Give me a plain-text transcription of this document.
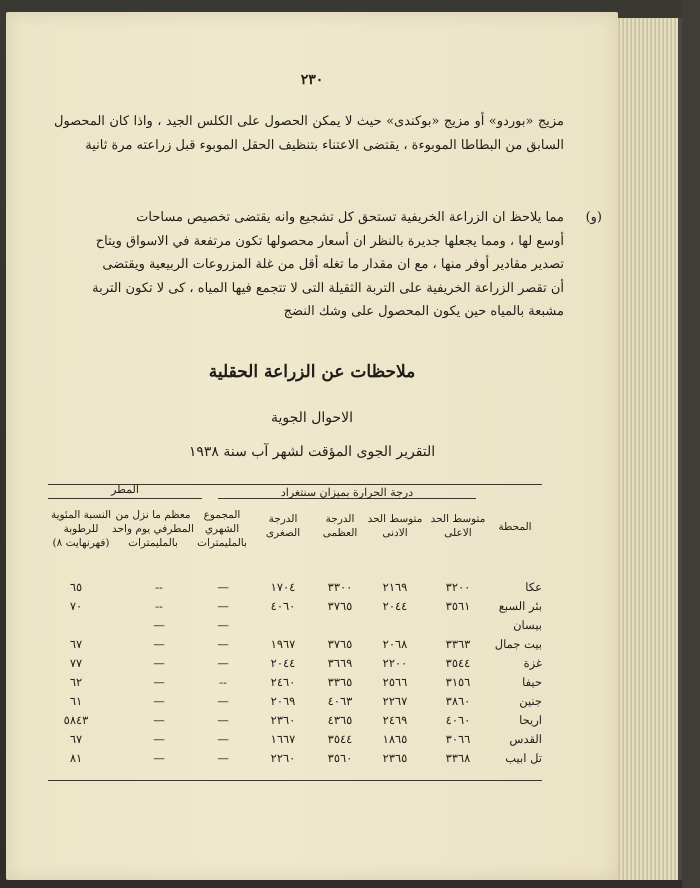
٢٣٠
مزيج «بوردو» أو مزيج «بوكندى» حيث لا يمكن الحصول على الكلس الجيد ، واذا كان المحصول السابق من البطاطا الموبوءة ، يقتضى الاعتناء بتنظيف الحقل الموبوء قبل زراعته مرة ثانية
(و)
مما يلاحظ ان الزراعة الخريفية تستحق كل تشجيع وانه يقتضى تخصيص مساحات
أوسع لها ، ومما يجعلها جديرة بالنظر ان أسعار محصولها تكون مرتفعة في الاسواق ويتاح
تصدير مقادير أوفر منها ، مع ان مقدار ما تغله أقل من غلة المزروعات الربيعية ويقتضى
أن تقصر الزراعة الخريفية على التربة الثقيلة التى لا تتجمع فيها المياه ، كى لا تكون التربة
مشبعة بالمياه حين يكون المحصول على وشك النضج
ملاحظات عن الزراعة الحقلية
الاحوال الجوية
التقرير الجوى المؤقت لشهر آب سنة ١٩٣٨
المطر	درجة الحرارة بميزان سنتغراد
المحطة
متوسط الحد الاعلى
متوسط الحد الادنى
الدرجة العظمى
الدرجة الصغرى
المجموع الشهري بالمليمترات
معظم ما نزل من المطرفي يوم واحد بالمليمترات
النسبة المئوية للرطوبة (فهرنهايت ٨)
عكا
٣٢٠٠
٢١٦٩
٣٣٠٠
١٧٠٤
—
--
٦٥
بئر السبع
٣٥٦١
٢٠٤٤
٣٧٦٥
٤٠٦٠
—
--
٧٠
بيسان
—
—
بيت جمال
٣٣٦٣
٢٠٦٨
٣٧٦٥
١٩٦٧
—
—
٦٧
غزة
٣٥٤٤
٢٢٠٠
٣٦٦٩
٢٠٤٤
—
—
٧٧
حيفا
٣١٥٦
٢٥٦٦
٣٣٦٥
٢٤٦٠
--
—
٦٢
جنين
٣٨٦٠
٢٢٦٧
٤٠٦٣
٢٠٦٩
—
—
٦١
اريحا
٤٠٦٠
٢٤٦٩
٤٣٦٥
٢٣٦٠
—
—
٥٨٤٣
القدس
٣٠٦٦
١٨٦٥
٣٥٤٤
١٦٦٧
—
—
٦٧
تل ابيب
٣٣٦٨
٢٣٦٥
٣٥٦٠
٢٢٦٠
—
—
٨١
